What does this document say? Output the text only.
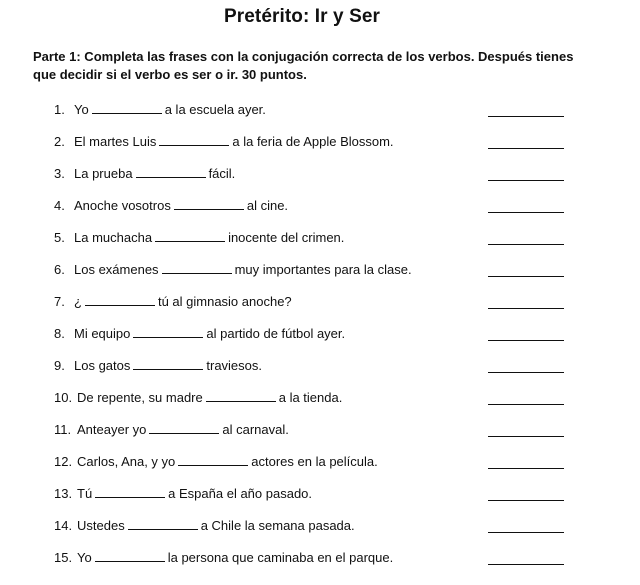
Pretérito: Ir y Ser
Parte 1: Completa las frases con la conjugación correcta de los verbos. Después tienes que decidir si el verbo es ser o ir. 30 puntos.
1. Yo	a la escuela ayer.
2. El martes Luis	a la feria de Apple Blossom.
3. La prueba	fácil.
4. Anoche vosotros	al cine.
5. La muchacha	inocente del crimen.
6. Los exámenes	muy importantes para la clase.
7. ¿	tú al gimnasio anoche?
8. Mi equipo	al partido de fútbol ayer.
9. Los gatos	traviesos.
10. De repente, su madre	a la tienda.
11. Anteayer yo	al carnaval.
12. Carlos, Ana, y yo	actores en la película.
13. Tú	a España el año pasado.
14. Ustedes	a Chile la semana pasada.
15. Yo	la persona que caminaba en el parque.
